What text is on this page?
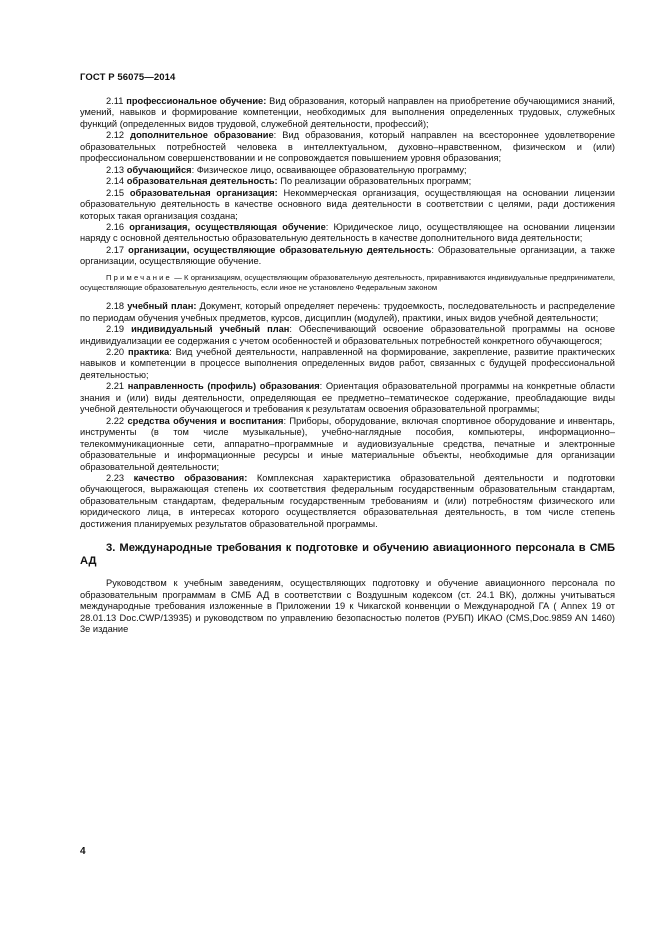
ГОСТ Р 56075—2014

2.11 профессиональное обучение: Вид образования, который направлен на приобретение обучающимися знаний, умений, навыков и формирование компетенции, необходимых для выполнения определенных трудовых, служебных функций (определенных видов трудовой, служебной деятельности, профессий);

2.12 дополнительное образование: Вид образования, который направлен на всестороннее удовлетворение образовательных потребностей человека в интеллектуальном, духовно–нравственном, физическом и (или) профессиональном совершенствовании и не сопровождается повышением уровня образования;

2.13 обучающийся: Физическое лицо, осваивающее образовательную программу;

2.14 образовательная деятельность: По реализации образовательных программ;

2.15 образовательная организация: Некоммерческая организация, осуществляющая на основании лицензии образовательную деятельность в качестве основного вида деятельности в соответствии с целями, ради достижения которых такая организация создана;

2.16 организация, осуществляющая обучение: Юридическое лицо, осуществляющее на основании лицензии наряду с основной деятельностью образовательную деятельность в качестве дополнительного вида деятельности;

2.17 организации, осуществляющие образовательную деятельность: Образовательные организации, а также организации, осуществляющие обучение.

Примечание — К организациям, осуществляющим образовательную деятельность, приравниваются индивидуальные предприниматели, осуществляющие образовательную деятельность, если иное не установлено Федеральным законом

2.18 учебный план: Документ, который определяет перечень: трудоемкость, последовательность и распределение по периодам обучения учебных предметов, курсов, дисциплин (модулей), практики, иных видов учебной деятельности;

2.19 индивидуальный учебный план: Обеспечивающий освоение образовательной программы на основе индивидуализации ее содержания с учетом особенностей и образовательных потребностей конкретного обучающегося;

2.20 практика: Вид учебной деятельности, направленной на формирование, закрепление, развитие практических навыков и компетенции в процессе выполнения определенных видов работ, связанных с будущей профессиональной деятельностью;

2.21 направленность (профиль) образования: Ориентация образовательной программы на конкретные области знания и (или) виды деятельности, определяющая ее предметно–тематическое содержание, преобладающие виды учебной деятельности обучающегося и требования к результатам освоения образовательной программы;

2.22 средства обучения и воспитания: Приборы, оборудование, включая спортивное оборудование и инвентарь, инструменты (в том числе музыкальные), учебно-наглядные пособия, компьютеры, информационно–телекоммуникационные сети, аппаратно–программные и аудиовизуальные средства, печатные и электронные образовательные и информационные ресурсы и иные материальные объекты, необходимые для организации образовательной деятельности;

2.23 качество образования: Комплексная характеристика образовательной деятельности и подготовки обучающегося, выражающая степень их соответствия федеральным государственным образовательным стандартам, образовательным стандартам, федеральным государственным требованиям и (или) потребностям физического или юридического лица, в интересах которого осуществляется образовательная деятельность, в том числе степень достижения планируемых результатов образовательной программы.

3. Международные требования к подготовке и обучению авиационного персонала в СМБ АД

Руководством к учебным заведениям, осуществляющих подготовку и обучение авиационного персонала по образовательным программам в СМБ АД в соответствии с Воздушным кодексом (ст. 24.1 ВК), должны учитываться международные требования изложенные в Приложении 19 к Чикагской конвенции о Международной ГА ( Annex 19 от 28.01.13 Doc.CWP/13935) и руководством по управлению безопасностью полетов (РУБП) ИКАО (CMS,Doc.9859 AN 1460) 3е издание

4
